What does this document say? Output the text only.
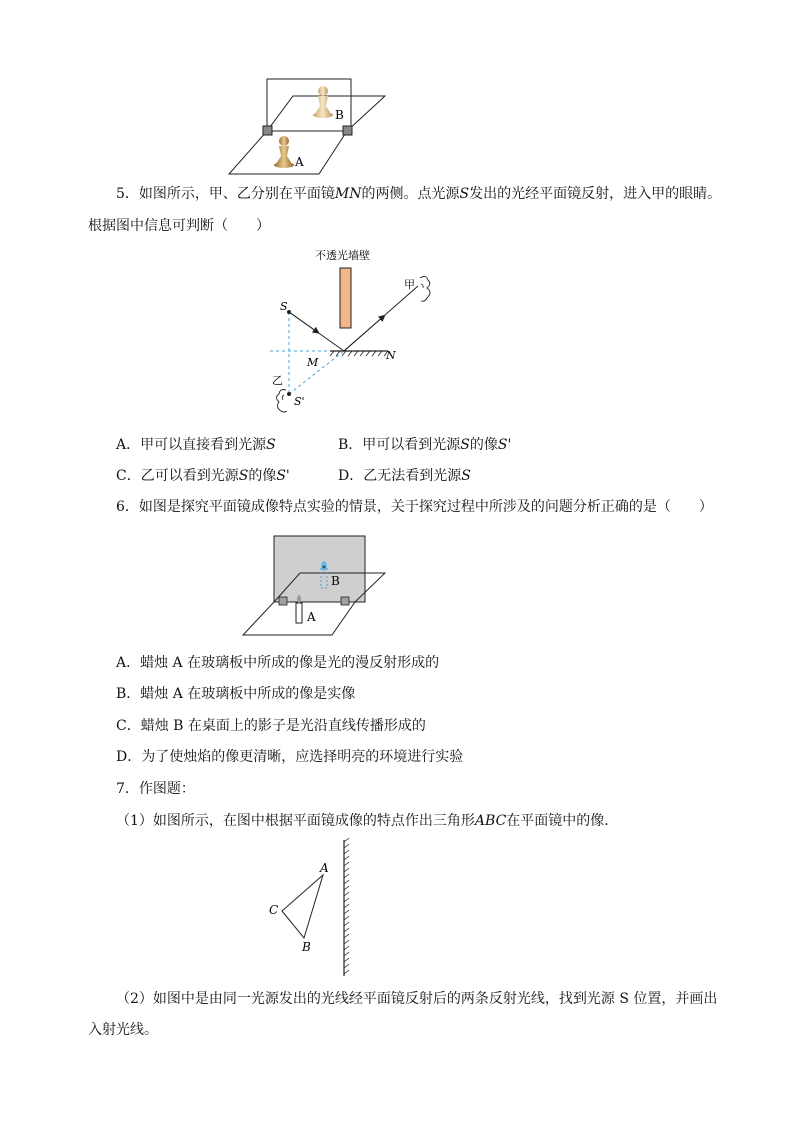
B
A
5．如图所示，甲、乙分别在平面镜MN的两侧。点光源S发出的光经平面镜反射，进入甲的眼睛。
根据图中信息可判断（　　）
不透光墙壁
S
S'
M
N
甲
乙
A．甲可以直接看到光源S	B．甲可以看到光源S的像S'
C．乙可以看到光源S的像S'	D．乙无法看到光源S
6．如图是探究平面镜成像特点实验的情景，关于探究过程中所涉及的问题分析正确的是（　　）
B
A
A．蜡烛 A 在玻璃板中所成的像是光的漫反射形成的
B．蜡烛 A 在玻璃板中所成的像是实像
C．蜡烛 B 在桌面上的影子是光沿直线传播形成的
D．为了使烛焰的像更清晰，应选择明亮的环境进行实验
7．作图题：
（1）如图所示，在图中根据平面镜成像的特点作出三角形ABC在平面镜中的像．
A
C
B
（2）如图中是由同一光源发出的光线经平面镜反射后的两条反射光线，找到光源 S 位置，并画出
入射光线。
